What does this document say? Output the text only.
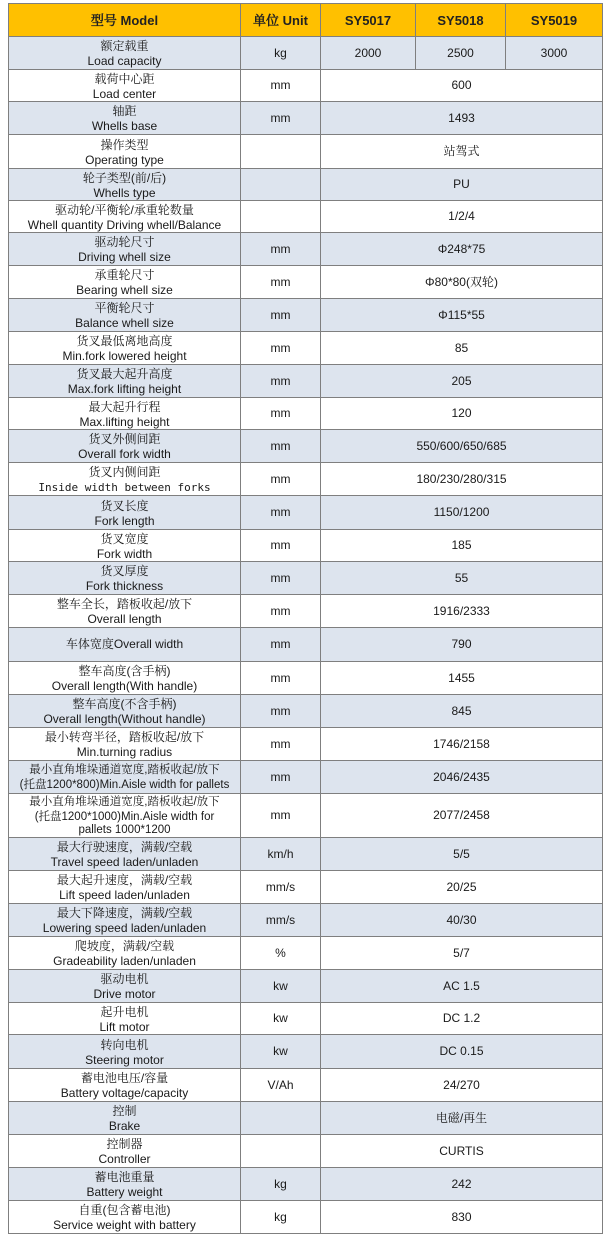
型号 Model	单位 Unit	SY5017	SY5018	SY5019

额定载重
Load capacity	kg	2000	2500	3000

载荷中心距
Load center	mm	600		

轴距
Whells base	mm	1493		

操作类型
Operating type		站驾式		

轮子类型(前/后)
Whells type		PU		

驱动轮/平衡轮/承重轮数量
Whell quantity Driving whell/Balance		1/2/4		

驱动轮尺寸
Driving whell size	mm	Φ248*75		

承重轮尺寸
Bearing whell size	mm	Φ80*80(双轮)		

平衡轮尺寸
Balance whell size	mm	Φ115*55		

货叉最低离地高度
Min.fork lowered height	mm	85		

货叉最大起升高度
Max.fork lifting height	mm	205		

最大起升行程
Max.lifting height	mm	120		

货叉外侧间距
Overall fork width	mm	550/600/650/685		

货叉内侧间距
Inside width between forks	mm	180/230/280/315		

货叉长度
Fork length	mm	1150/1200		

货叉宽度
Fork width	mm	185		

货叉厚度
Fork thickness	mm	55		

整车全长，踏板收起/放下
Overall length	mm	1916/2333		

车体宽度Overall width	mm	790		

整车高度(含手柄)
Overall length(With handle)	mm	1455		

整车高度(不含手柄)
Overall length(Without handle)	mm	845		

最小转弯半径，踏板收起/放下
Min.turning radius	mm	1746/2158		

最小直角堆垛通道宽度,踏板收起/放下
(托盘1200*800)Min.Aisle width for pallets	mm	2046/2435		

最小直角堆垛通道宽度,踏板收起/放下
(托盘1200*1000)Min.Aisle width for
pallets 1000*1200	mm	2077/2458		

最大行驶速度，满载/空载
Travel speed laden/unladen	km/h	5/5		

最大起升速度，满载/空载
Lift speed laden/unladen	mm/s	20/25		

最大下降速度，满载/空载
Lowering speed laden/unladen	mm/s	40/30		

爬坡度，满载/空载
Gradeability laden/unladen	%	5/7		

驱动电机
Drive motor	kw	AC 1.5		

起升电机
Lift motor	kw	DC 1.2		

转向电机
Steering motor	kw	DC 0.15		

蓄电池电压/容量
Battery voltage/capacity	V/Ah	24/270		

控制
Brake		电磁/再生		

控制器
Controller		CURTIS		

蓄电池重量
Battery weight	kg	242		

自重(包含蓄电池)
Service weight with battery	kg	830		
